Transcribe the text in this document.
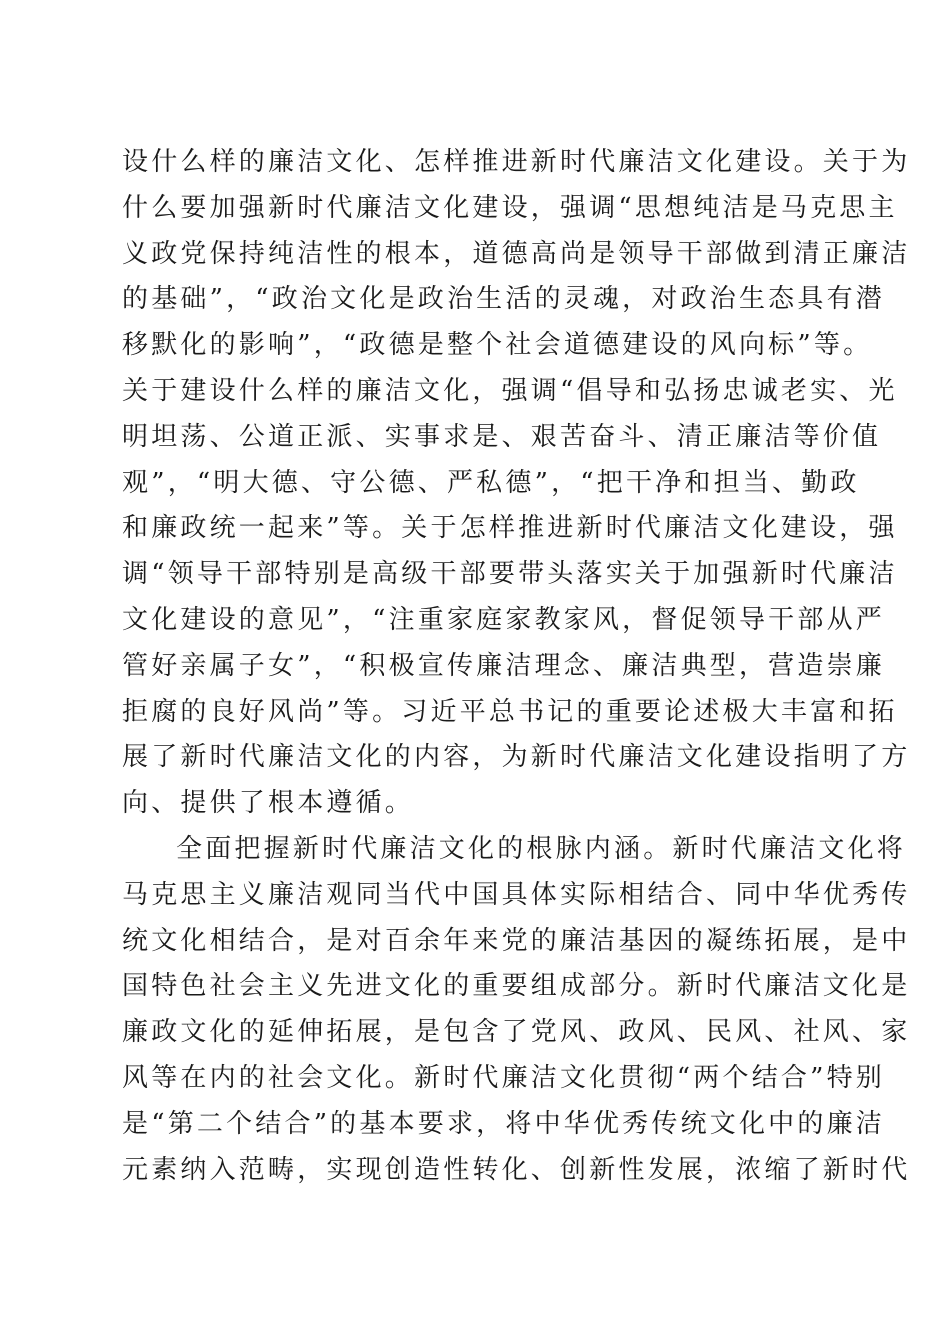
设什么样的廉洁文化、怎样推进新时代廉洁文化建设。关于为
什么要加强新时代廉洁文化建设，强调“思想纯洁是马克思主
义政党保持纯洁性的根本，道德高尚是领导干部做到清正廉洁
的基础”，“政治文化是政治生活的灵魂，对政治生态具有潜
移默化的影响”，“政德是整个社会道德建设的风向标”等。
关于建设什么样的廉洁文化，强调“倡导和弘扬忠诚老实、光
明坦荡、公道正派、实事求是、艰苦奋斗、清正廉洁等价值
观”，“明大德、守公德、严私德”，“把干净和担当、勤政
和廉政统一起来”等。关于怎样推进新时代廉洁文化建设，强
调“领导干部特别是高级干部要带头落实关于加强新时代廉洁
文化建设的意见”，“注重家庭家教家风，督促领导干部从严
管好亲属子女”，“积极宣传廉洁理念、廉洁典型，营造崇廉
拒腐的良好风尚”等。习近平总书记的重要论述极大丰富和拓
展了新时代廉洁文化的内容，为新时代廉洁文化建设指明了方
向、提供了根本遵循。
全面把握新时代廉洁文化的根脉内涵。新时代廉洁文化将
马克思主义廉洁观同当代中国具体实际相结合、同中华优秀传
统文化相结合，是对百余年来党的廉洁基因的凝练拓展，是中
国特色社会主义先进文化的重要组成部分。新时代廉洁文化是
廉政文化的延伸拓展，是包含了党风、政风、民风、社风、家
风等在内的社会文化。新时代廉洁文化贯彻“两个结合”特别
是“第二个结合”的基本要求，将中华优秀传统文化中的廉洁
元素纳入范畴，实现创造性转化、创新性发展，浓缩了新时代
